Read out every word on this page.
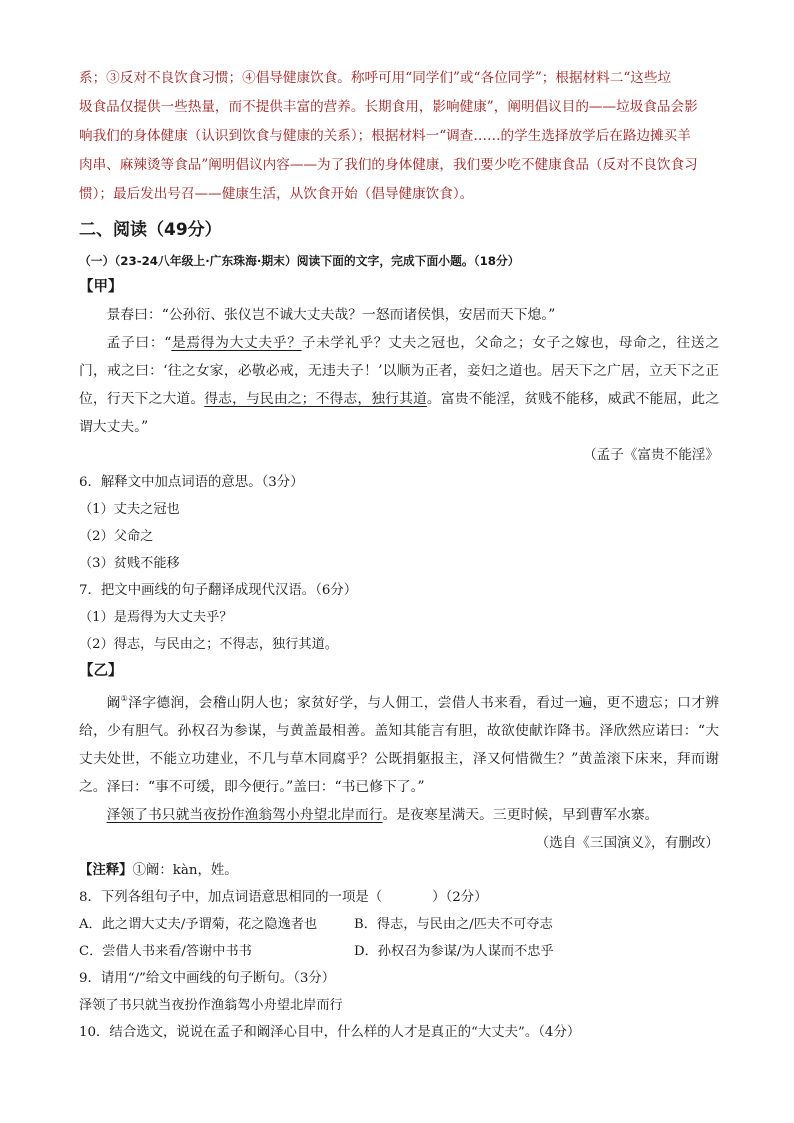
系；③反对不良饮食习惯；④倡导健康饮食。称呼可用“同学们”或“各位同学”；根据材料二“这些垃

圾食品仅提供一些热量，而不提供丰富的营养。长期食用，影响健康”，阐明倡议目的——垃圾食品会影

响我们的身体健康（认识到饮食与健康的关系）；根据材料一“调查……的学生选择放学后在路边摊买羊

肉串、麻辣烫等食品”阐明倡议内容——为了我们的身体健康，我们要少吃不健康食品（反对不良饮食习

惯）；最后发出号召——健康生活，从饮食开始（倡导健康饮食）。

二、阅读（49分）
（一）（23-24八年级上·广东珠海·期末）阅读下面的文字，完成下面小题。（18分）
【甲】

景春曰：“公孙衍、张仪岂不诚大丈夫哉？一怒而诸侯惧，安居而天下熄。”

孟子曰：“是焉得为大丈夫乎？子未学礼乎？丈夫之冠也，父命之；女子之嫁也，母命之，往送之门，戒之曰：‘往之女家，必敬必戒，无违夫子！’以顺为正者，妾妇之道也。居天下之广居，立天下之正位，行天下之大道。得志，与民由之；不得志，独行其道。富贵不能淫，贫贱不能移，威武不能屈，此之谓大丈夫。”

（孟子《富贵不能淫》

6．解释文中加点词语的意思。（3分）

（1）丈夫之冠也

（2）父命之

（3）贫贱不能移

7．把文中画线的句子翻译成现代汉语。（6分）

（1）是焉得为大丈夫乎？

（2）得志，与民由之；不得志，独行其道。

【乙】

阚①泽字德润，会稽山阴人也；家贫好学，与人佣工，尝借人书来看，看过一遍，更不遗忘；口才辨给，少有胆气。孙权召为参谋，与黄盖最相善。盖知其能言有胆，故欲使献诈降书。泽欣然应诺曰：“大丈夫处世，不能立功建业，不几与草木同腐乎？公既捐躯报主，泽又何惜微生？”黄盖滚下床来，拜而谢之。泽曰：“事不可缓，即今便行。”盖曰：“书已修下了。”

泽领了书只就当夜扮作渔翁驾小舟望北岸而行。是夜寒星满天。三更时候，早到曹军水寨。

（选自《三国演义》，有删改）

【注释】①阚：kàn，姓。

8．下列各组句子中，加点词语意思相同的一项是（	）（2分）

A．此之谓大丈夫/予谓菊，花之隐逸者也	B．得志，与民由之/匹夫不可夺志
C．尝借人书来看/答谢中书书	D．孙权召为参谋/为人谋而不忠乎

9．请用“/”给文中画线的句子断句。（3分）

泽领了书只就当夜扮作渔翁驾小舟望北岸而行

10．结合选文，说说在孟子和阚泽心目中，什么样的人才是真正的“大丈夫”。（4分）
